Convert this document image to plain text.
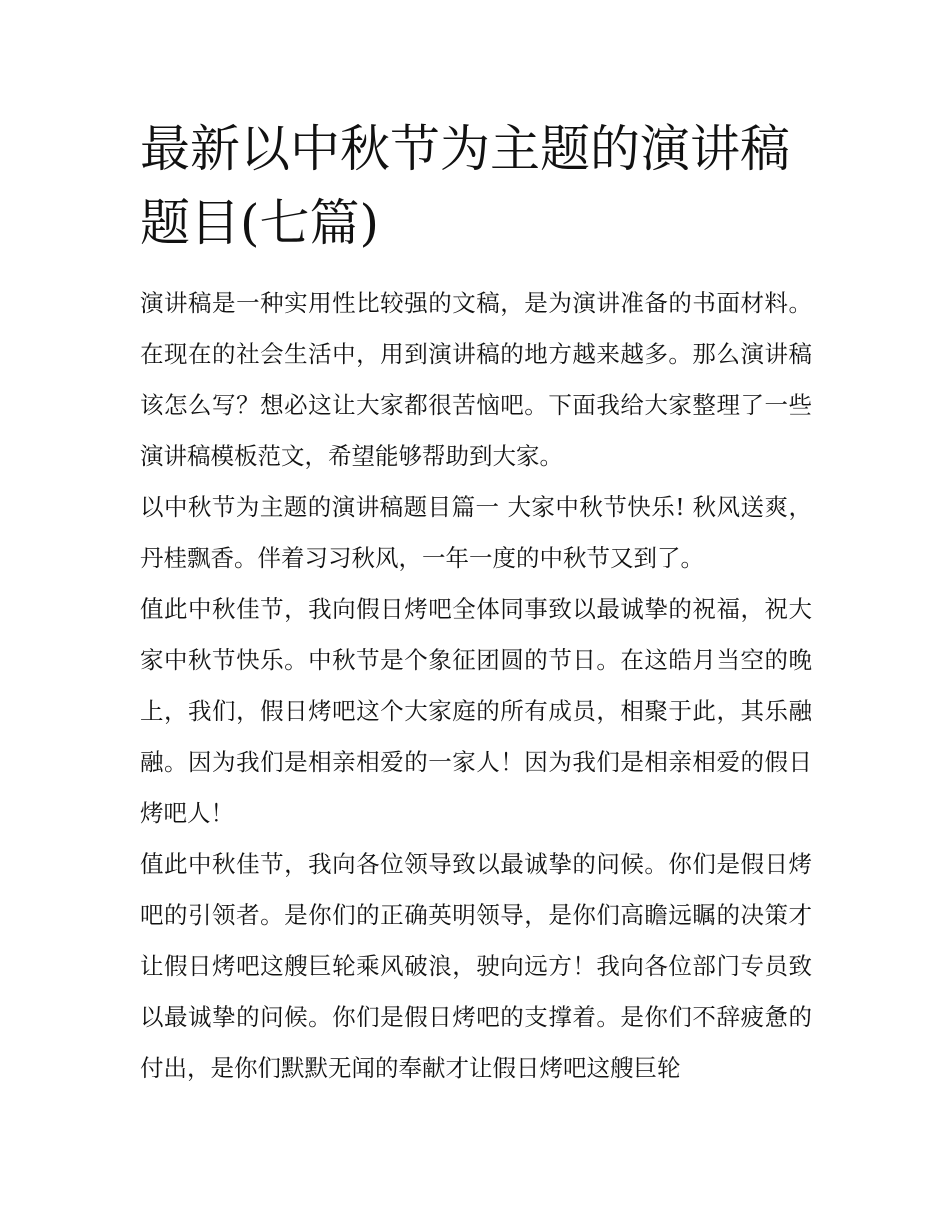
最新以中秋节为主题的演讲稿题目(七篇)

演讲稿是一种实用性比较强的文稿，是为演讲准备的书面材料。在现在的社会生活中，用到演讲稿的地方越来越多。那么演讲稿该怎么写？想必这让大家都很苦恼吧。下面我给大家整理了一些演讲稿模板范文，希望能够帮助到大家。

以中秋节为主题的演讲稿题目篇一 大家中秋节快乐! 秋风送爽，丹桂飘香。伴着习习秋风，一年一度的中秋节又到了。

值此中秋佳节，我向假日烤吧全体同事致以最诚挚的祝福，祝大家中秋节快乐。中秋节是个象征团圆的节日。在这皓月当空的晚上，我们，假日烤吧这个大家庭的所有成员，相聚于此，其乐融融。因为我们是相亲相爱的一家人！因为我们是相亲相爱的假日烤吧人！

值此中秋佳节，我向各位领导致以最诚挚的问候。你们是假日烤吧的引领者。是你们的正确英明领导，是你们高瞻远瞩的决策才让假日烤吧这艘巨轮乘风破浪，驶向远方！我向各位部门专员致以最诚挚的问候。你们是假日烤吧的支撑着。是你们不辞疲惫的付出，是你们默默无闻的奉献才让假日烤吧这艘巨轮
